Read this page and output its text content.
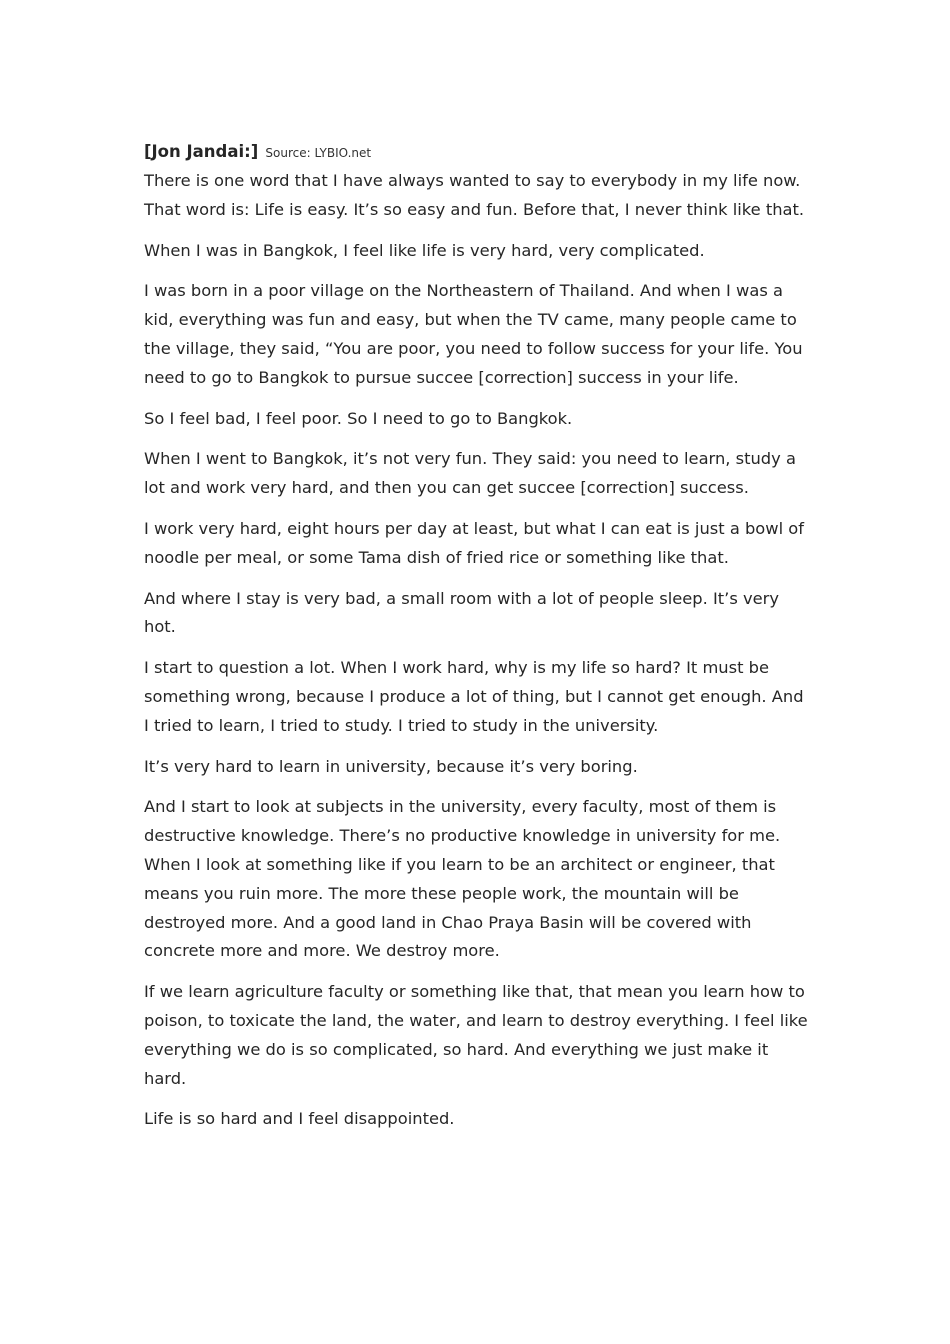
[Jon Jandai:] Source: LYBIO.net

There is one word that I have always wanted to say to everybody in my life now. That word is: Life is easy. It’s so easy and fun. Before that, I never think like that.

When I was in Bangkok, I feel like life is very hard, very complicated.

I was born in a poor village on the Northeastern of Thailand. And when I was a kid, everything was fun and easy, but when the TV came, many people came to the village, they said, “You are poor, you need to follow success for your life. You need to go to Bangkok to pursue succee [correction] success in your life.

So I feel bad, I feel poor. So I need to go to Bangkok.

When I went to Bangkok, it’s not very fun. They said: you need to learn, study a lot and work very hard, and then you can get succee [correction] success.

I work very hard, eight hours per day at least, but what I can eat is just a bowl of noodle per meal, or some Tama dish of fried rice or something like that.

And where I stay is very bad, a small room with a lot of people sleep. It’s very hot.

I start to question a lot. When I work hard, why is my life so hard? It must be something wrong, because I produce a lot of thing, but I cannot get enough. And I tried to learn, I tried to study. I tried to study in the university.

It’s very hard to learn in university, because it’s very boring.

And I start to look at subjects in the university, every faculty, most of them is destructive knowledge. There’s no productive knowledge in university for me. When I look at something like if you learn to be an architect or engineer, that means you ruin more. The more these people work, the mountain will be destroyed more. And a good land in Chao Praya Basin will be covered with concrete more and more. We destroy more.

If we learn agriculture faculty or something like that, that mean you learn how to poison, to toxicate the land, the water, and learn to destroy everything. I feel like everything we do is so complicated, so hard. And everything we just make it hard.

Life is so hard and I feel disappointed.
